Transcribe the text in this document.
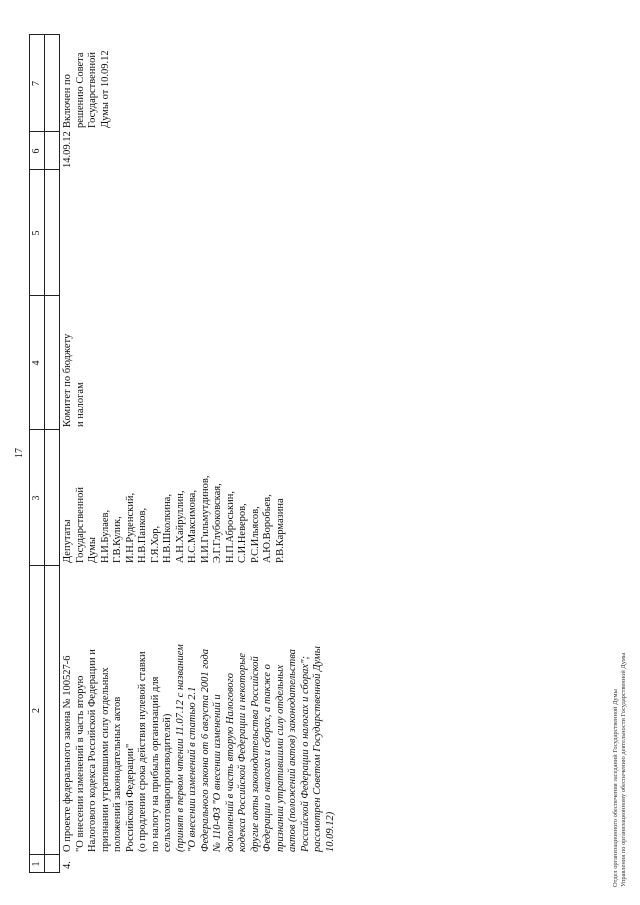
17
1
2
3
4
5
6
7
4.
О проекте федерального закона № 100527-6 "О внесении изменений в часть вторую Налогового кодекса Российской Федерации и признании утратившими силу отдельных положений законодательных актов Российской Федерации" (о продлении срока действия нулевой ставки по налогу на прибыль организаций для сельхозтоваропроизводителей) (принят в первом чтении 11.07.12 с названием "О внесении изменений в статью 2.1 Федерального закона от 6 августа 2001 года № 110-ФЗ "О внесении изменений и дополнений в часть вторую Налогового кодекса Российской Федерации и некоторые другие акты законодательства Российской Федерации о налогах и сборах, а также о признании утратившими силу отдельных актов (положений актов) законодательства Российской Федерации о налогах и сборах"; рассмотрен Советом Государственной Думы 10.09.12)
Депутаты Государственной Думы Н.И.Булаев, Г.В.Кулик, И.Н.Руденский, Н.В.Панков, Г.Я.Хор, Н.В.Школкина, А.Н.Хайруллин, Н.С.Максимова, И.И.Гильмутдинов, Э.Г.Глубоковская, Н.П.Аброськин, С.И.Неверов, Р.С.Ильясов, А.Ю.Воробьев, Р.В.Кармазина
Комитет по бюджету и налогам
14.09.12
Включен по решению Совета Государственной Думы от 10.09.12
Отдел организационного обеспечения заседаний Государственной Думы Управления по организационному обеспечению деятельности Государственной Думы
